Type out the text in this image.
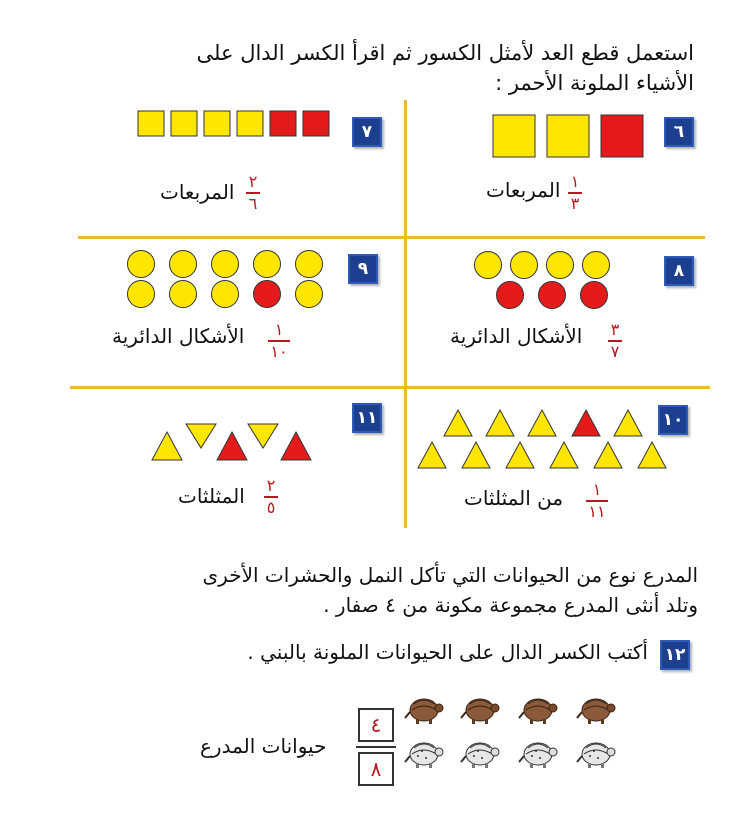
استعمل قطع العد لأمثل الكسور ثم اقرأ الكسر الدال على
الأشياء الملونة الأحمر :
٦
١
٣
المربعات
٧
٢
٦
المربعات
٨
٣
٧
الأشكال الدائرية
٩
١
١٠
الأشكال الدائرية
١٠
١
١١
من المثلثات
١١
٢
٥
المثلثات
المدرع نوع من الحيوانات التي تأكل النمل والحشرات الأخرى
وتلد أنثى المدرع مجموعة مكونة من ٤ صفار .
١٢
أكتب الكسر الدال على الحيوانات الملونة بالبني .
حيوانات المدرع
٤
٨
